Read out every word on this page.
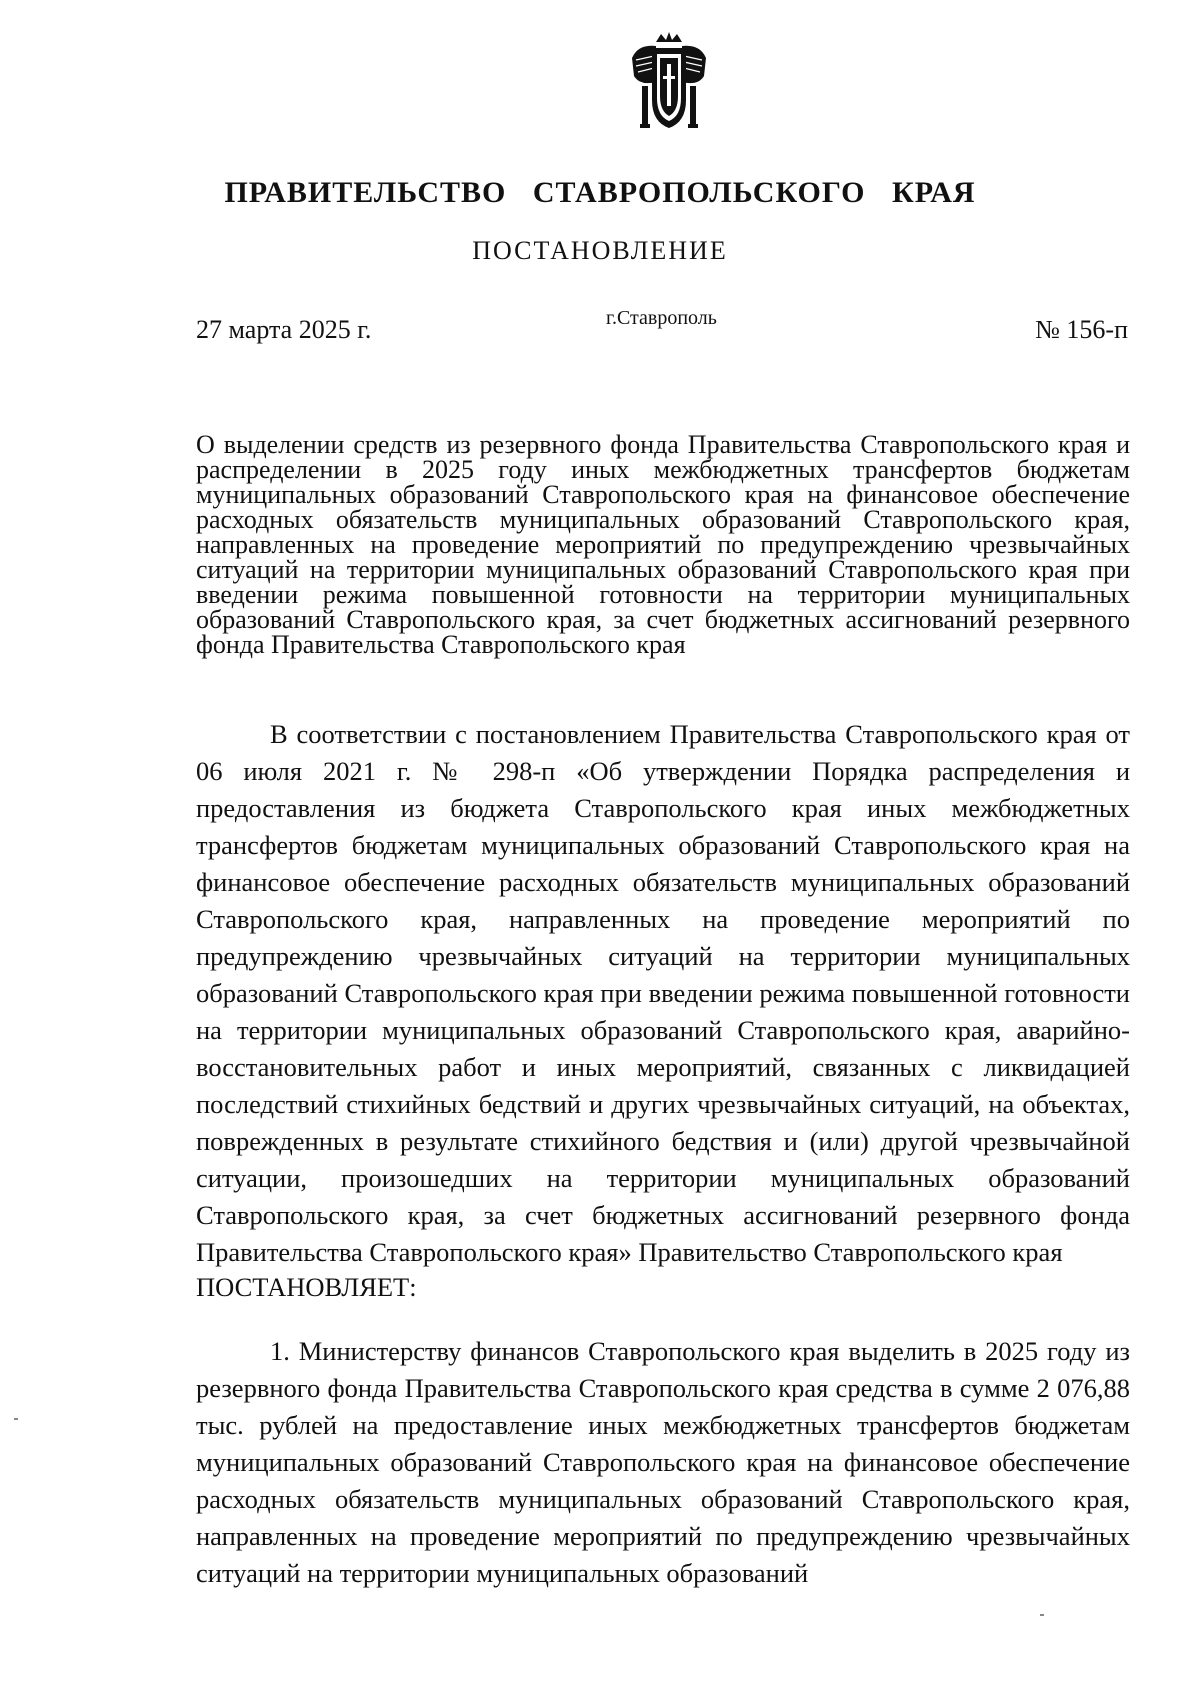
ПРАВИТЕЛЬСТВО СТАВРОПОЛЬСКОГО КРАЯ
ПОСТАНОВЛЕНИЕ
27 марта 2025 г.	г.Ставрополь	№ 156-п
О выделении средств из резервного фонда Правительства Ставропольского края и распределении в 2025 году иных межбюджетных трансфертов бюджетам муниципальных образований Ставропольского края на финансовое обеспечение расходных обязательств муниципальных образований Ставропольского края, направленных на проведение мероприятий по предупреждению чрезвычайных ситуаций на территории муниципальных образований Ставропольского края при введении режима повышенной готовности на территории муниципальных образований Ставропольского края, за счет бюджетных ассигнований резервного фонда Правительства Ставропольского края
В соответствии с постановлением Правительства Ставропольского края от 06 июля 2021 г. № 298-п «Об утверждении Порядка распределения и предоставления из бюджета Ставропольского края иных межбюджетных трансфертов бюджетам муниципальных образований Ставропольского края на финансовое обеспечение расходных обязательств муниципальных образований Ставропольского края, направленных на проведение мероприятий по предупреждению чрезвычайных ситуаций на территории муниципальных образований Ставропольского края при введении режима повышенной готовности на территории муниципальных образований Ставропольского края, аварийно-восстановительных работ и иных мероприятий, связанных с ликвидацией последствий стихийных бедствий и других чрезвычайных ситуаций, на объектах, поврежденных в результате стихийного бедствия и (или) другой чрезвычайной ситуации, произошедших на территории муниципальных образований Ставропольского края, за счет бюджетных ассигнований резервного фонда Правительства Ставропольского края» Правительство Ставропольского края
ПОСТАНОВЛЯЕТ:
1. Министерству финансов Ставропольского края выделить в 2025 году из резервного фонда Правительства Ставропольского края средства в сумме 2 076,88 тыс. рублей на предоставление иных межбюджетных трансфертов бюджетам муниципальных образований Ставропольского края на финансовое обеспечение расходных обязательств муниципальных образований Ставропольского края, направленных на проведение мероприятий по предупреждению чрезвычайных ситуаций на территории муниципальных образований
